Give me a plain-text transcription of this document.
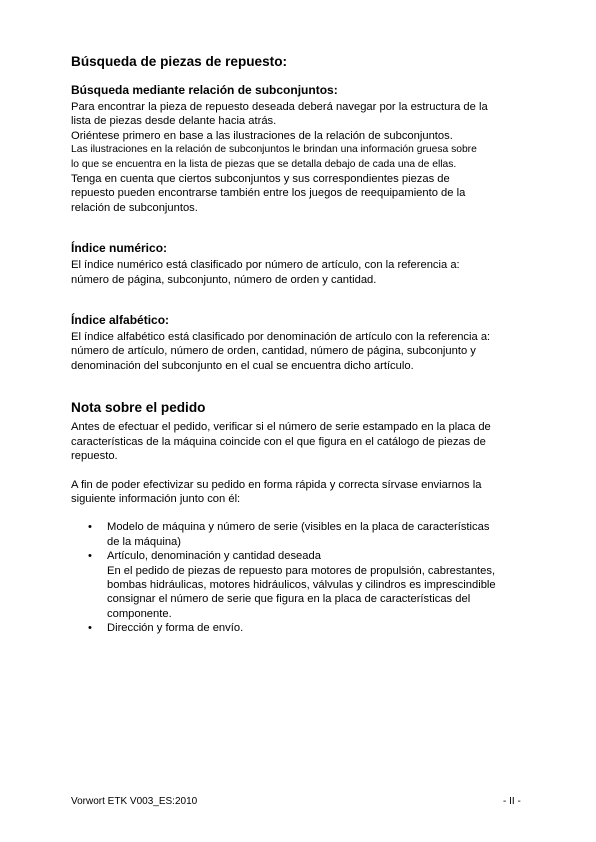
Búsqueda de piezas de repuesto:
Búsqueda mediante relación de subconjuntos:

Para encontrar la pieza de repuesto deseada deberá navegar por la estructura de la
lista de piezas desde delante hacia atrás.
Oriéntese primero en base a las ilustraciones de la relación de subconjuntos.

Las ilustraciones en la relación de subconjuntos le brindan una información gruesa sobre
lo que se encuentra en la lista de piezas que se detalla debajo de cada una de ellas.

Tenga en cuenta que ciertos subconjuntos y sus correspondientes piezas de
repuesto pueden encontrarse también entre los juegos de reequipamiento de la
relación de subconjuntos.

Índice numérico:

El índice numérico está clasificado por número de artículo, con la referencia a:
número de página, subconjunto, número de orden y cantidad.

Índice alfabético:

El índice alfabético está clasificado por denominación de artículo con la referencia a:
número de artículo, número de orden, cantidad, número de página, subconjunto y
denominación del subconjunto en el cual se encuentra dicho artículo.

Nota sobre el pedido

Antes de efectuar el pedido, verificar si el número de serie estampado en la placa de
características de la máquina coincide con el que figura en el catálogo de piezas de
repuesto.

A fin de poder efectivizar su pedido en forma rápida y correcta sírvase enviarnos la
siguiente información junto con él:

• Modelo de máquina y número de serie (visibles en la placa de características
de la máquina)
• Artículo, denominación y cantidad deseada
En el pedido de piezas de repuesto para motores de propulsión, cabrestantes,
bombas hidráulicas, motores hidráulicos, válvulas y cilindros es imprescindible
consignar el número de serie que figura en la placa de características del
componente.
• Dirección y forma de envío.
Vorwort ETK V003_ES:2010	- II -
